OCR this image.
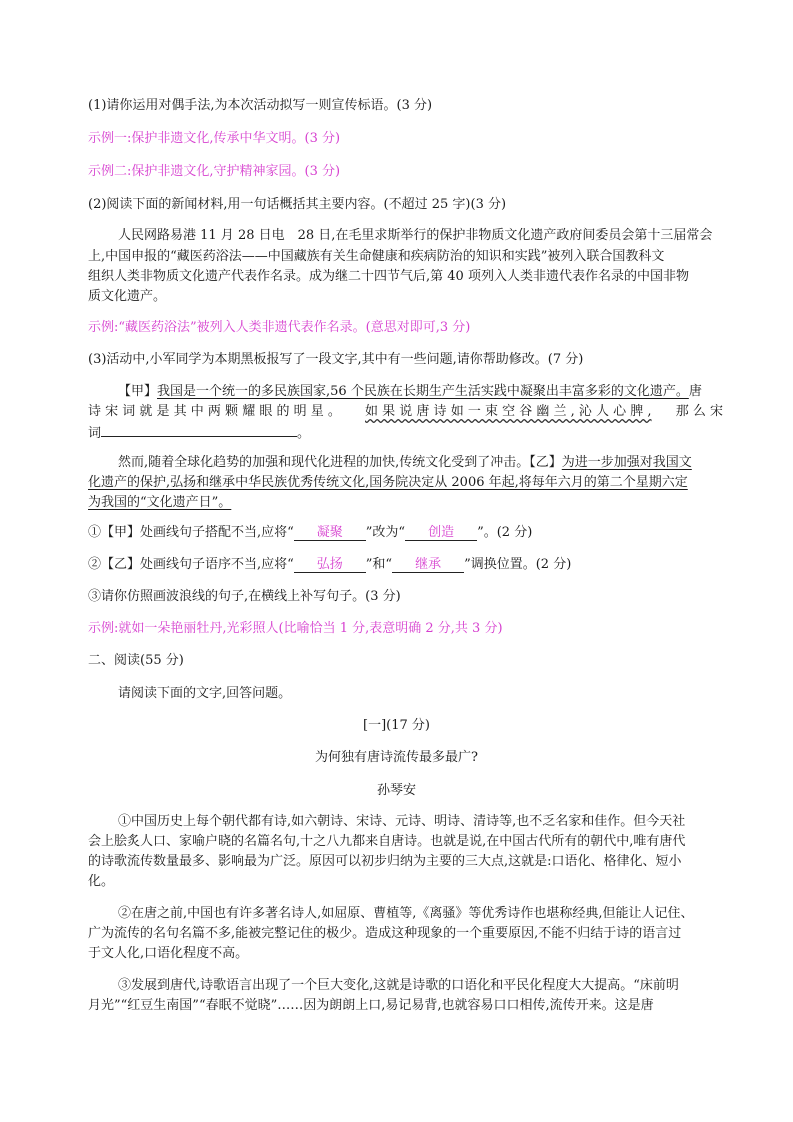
(1)请你运用对偶手法,为本次活动拟写一则宣传标语。(3 分)
示例一:保护非遗文化,传承中华文明。(3 分)
示例二:保护非遗文化,守护精神家园。(3 分)
(2)阅读下面的新闻材料,用一句话概括其主要内容。(不超过 25 字)(3 分)
人民网路易港 11 月 28 日电　28 日,在毛里求斯举行的保护非物质文化遗产政府间委员会第十三届常会
上,中国申报的“藏医药浴法——中国藏族有关生命健康和疾病防治的知识和实践”被列入联合国教科文
组织人类非物质文化遗产代表作名录。成为继二十四节气后,第 40 项列入人类非遗代表作名录的中国非物
质文化遗产。
示例:“藏医药浴法”被列入人类非遗代表作名录。(意思对即可,3 分)
(3)活动中,小军同学为本期黑板报写了一段文字,其中有一些问题,请你帮助修改。(7 分)
【甲】我国是一个统一的多民族国家,56 个民族在长期生产生活实践中凝聚出丰富多彩的文化遗产。唐
诗 宋 词 就 是 其 中 两 颗 耀 眼 的 明 星 。 如 果 说 唐 诗 如 一 束 空 谷 幽 兰 , 沁 人 心 脾 , 那 么 宋
词	。
然而,随着全球化趋势的加强和现代化进程的加快,传统文化受到了冲击。【乙】为进一步加强对我国文
化遗产的保护,弘扬和继承中华民族优秀传统文化,国务院决定从 2006 年起,将每年六月的第二个星期六定
为我国的“文化遗产日”。
①【甲】处画线句子搭配不当,应将“ 凝聚 ”改为“ 创造 ”。(2 分)
②【乙】处画线句子语序不当,应将“ 弘扬 ”和“ 继承 ”调换位置。(2 分)
③请你仿照画波浪线的句子,在横线上补写句子。(3 分)
示例:就如一朵艳丽牡丹,光彩照人(比喻恰当 1 分,表意明确 2 分,共 3 分)
二、阅读(55 分)
请阅读下面的文字,回答问题。
[一](17 分)
为何独有唐诗流传最多最广?
孙琴安
①中国历史上每个朝代都有诗,如六朝诗、宋诗、元诗、明诗、清诗等,也不乏名家和佳作。但今天社
会上脍炙人口、家喻户晓的名篇名句,十之八九都来自唐诗。也就是说,在中国古代所有的朝代中,唯有唐代
的诗歌流传数量最多、影响最为广泛。原因可以初步归纳为主要的三大点,这就是:口语化、格律化、短小
化。
②在唐之前,中国也有许多著名诗人,如屈原、曹植等,《离骚》等优秀诗作也堪称经典,但能让人记住、
广为流传的名句名篇不多,能被完整记住的极少。造成这种现象的一个重要原因,不能不归结于诗的语言过
于文人化,口语化程度不高。
③发展到唐代,诗歌语言出现了一个巨大变化,这就是诗歌的口语化和平民化程度大大提高。“床前明
月光”“红豆生南国”“春眠不觉晓”……因为朗朗上口,易记易背,也就容易口口相传,流传开来。这是唐
